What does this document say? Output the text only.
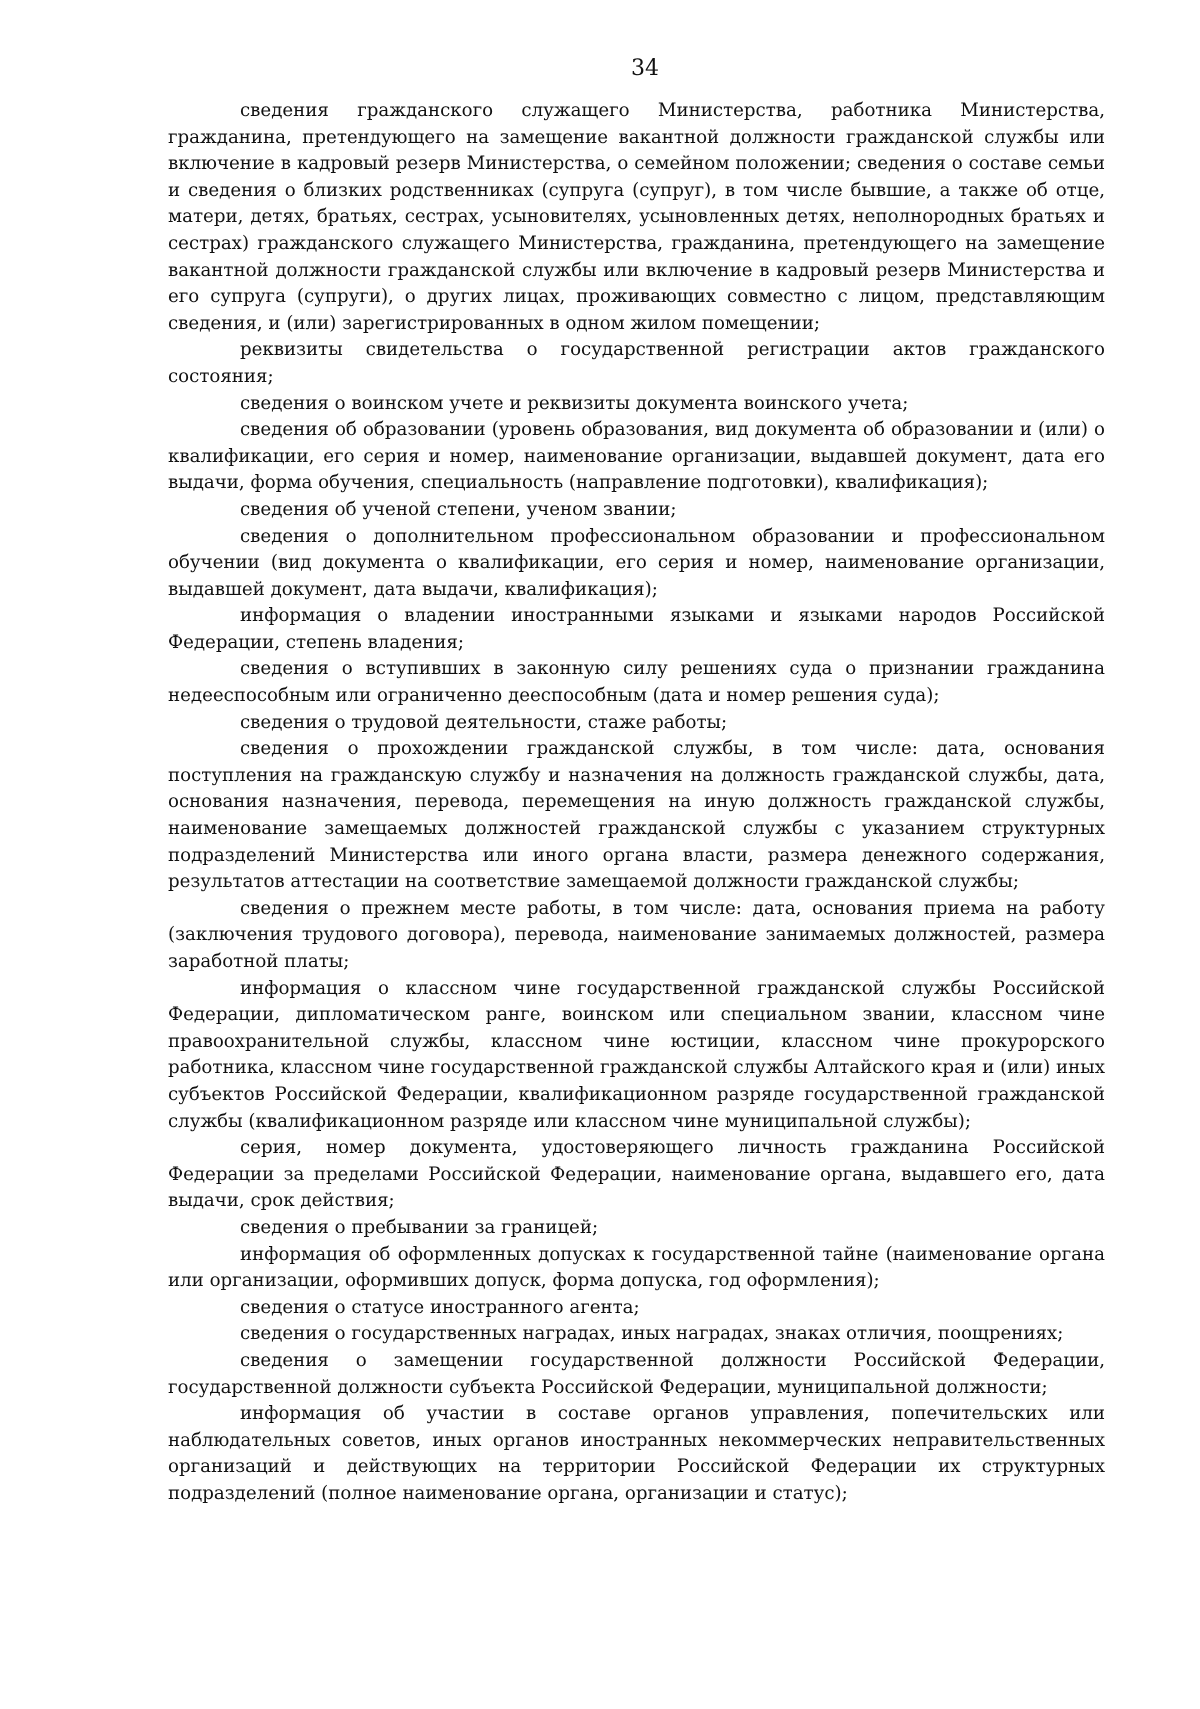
34

сведения гражданского служащего Министерства, работника Министерства, гражданина, претендующего на замещение вакантной должности гражданской службы или включение в кадровый резерв Министерства, о семейном положении; сведения о составе семьи и сведения о близких родственниках (супруга (супруг), в том числе бывшие, а также об отце, матери, детях, братьях, сестрах, усыновителях, усыновленных детях, неполнородных братьях и сестрах) гражданского служащего Министерства, гражданина, претендующего на замещение вакантной должности гражданской службы или включение в кадровый резерв Министерства и его супруга (супруги), о других лицах, проживающих совместно с лицом, представляющим сведения, и (или) зарегистрированных в одном жилом помещении;

реквизиты свидетельства о государственной регистрации актов гражданского состояния;

сведения о воинском учете и реквизиты документа воинского учета;

сведения об образовании (уровень образования, вид документа об образовании и (или) о квалификации, его серия и номер, наименование организации, выдавшей документ, дата его выдачи, форма обучения, специальность (направление подготовки), квалификация);

сведения об ученой степени, ученом звании;

сведения о дополнительном профессиональном образовании и профессиональном обучении (вид документа о квалификации, его серия и номер, наименование организации, выдавшей документ, дата выдачи, квалификация);

информация о владении иностранными языками и языками народов Российской Федерации, степень владения;

сведения о вступивших в законную силу решениях суда о признании гражданина недееспособным или ограниченно дееспособным (дата и номер решения суда);

сведения о трудовой деятельности, стаже работы;

сведения о прохождении гражданской службы, в том числе: дата, основания поступления на гражданскую службу и назначения на должность гражданской службы, дата, основания назначения, перевода, перемещения на иную должность гражданской службы, наименование замещаемых должностей гражданской службы с указанием структурных подразделений Министерства или иного органа власти, размера денежного содержания, результатов аттестации на соответствие замещаемой должности гражданской службы;

сведения о прежнем месте работы, в том числе: дата, основания приема на работу (заключения трудового договора), перевода, наименование занимаемых должностей, размера заработной платы;

информация о классном чине государственной гражданской службы Российской Федерации, дипломатическом ранге, воинском или специальном звании, классном чине правоохранительной службы, классном чине юстиции, классном чине прокурорского работника, классном чине государственной гражданской службы Алтайского края и (или) иных субъектов Российской Федерации, квалификационном разряде государственной гражданской службы (квалификационном разряде или классном чине муниципальной службы);

серия, номер документа, удостоверяющего личность гражданина Российской Федерации за пределами Российской Федерации, наименование органа, выдавшего его, дата выдачи, срок действия;

сведения о пребывании за границей;

информация об оформленных допусках к государственной тайне (наименование органа или организации, оформивших допуск, форма допуска, год оформления);

сведения о статусе иностранного агента;

сведения о государственных наградах, иных наградах, знаках отличия, поощрениях;

сведения о замещении государственной должности Российской Федерации, государственной должности субъекта Российской Федерации, муниципальной должности;

информация об участии в составе органов управления, попечительских или наблюдательных советов, иных органов иностранных некоммерческих неправительственных организаций и действующих на территории Российской Федерации их структурных подразделений (полное наименование органа, организации и статус);
